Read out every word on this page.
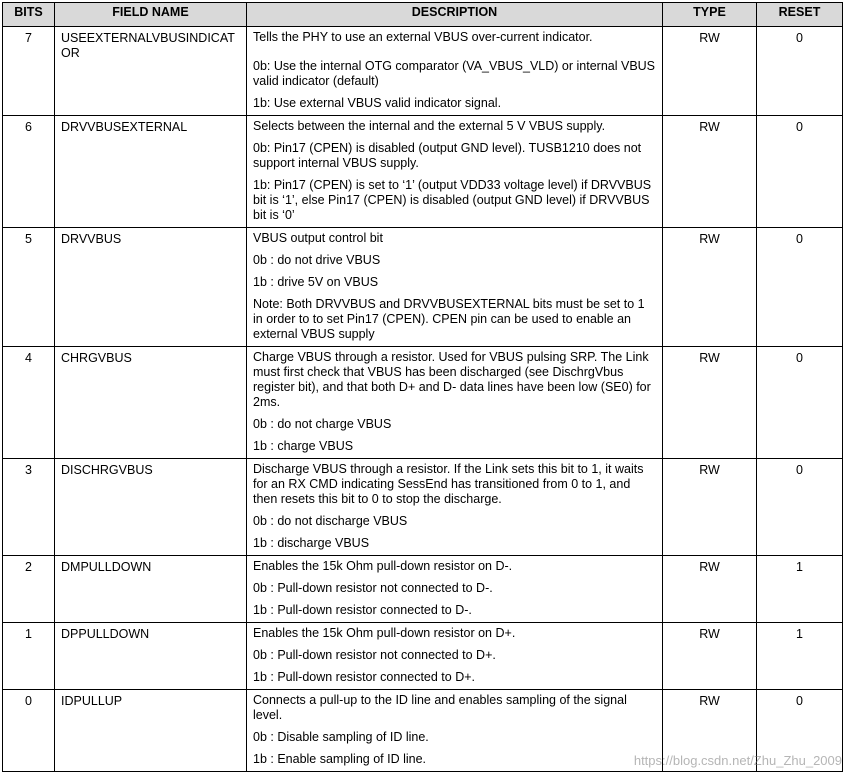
BITS	FIELD NAME	DESCRIPTION	TYPE	RESET
7	USEEXTERNALVBUSINDICATOR	Tells the PHY to use an external VBUS over-current indicator.

0b: Use the internal OTG comparator (VA_VBUS_VLD) or internal VBUS valid indicator (default)

1b: Use external VBUS valid indicator signal.	RW	0
6	DRVVBUSEXTERNAL	Selects between the internal and the external 5 V VBUS supply.

0b: Pin17 (CPEN) is disabled (output GND level). TUSB1210 does not support internal VBUS supply.

1b: Pin17 (CPEN) is set to ‘1’ (output VDD33 voltage level) if DRVVBUS bit is ‘1’, else Pin17 (CPEN) is disabled (output GND level) if DRVVBUS bit is ‘0’	RW	0
5	DRVVBUS	VBUS output control bit

0b : do not drive VBUS

1b : drive 5V on VBUS

Note: Both DRVVBUS and DRVVBUSEXTERNAL bits must be set to 1 in order to to set Pin17 (CPEN). CPEN pin can be used to enable an external VBUS supply	RW	0
4	CHRGVBUS	Charge VBUS through a resistor. Used for VBUS pulsing SRP. The Link must first check that VBUS has been discharged (see DischrgVbus register bit), and that both D+ and D- data lines have been low (SE0) for 2ms.

0b : do not charge VBUS

1b : charge VBUS	RW	0
3	DISCHRGVBUS	Discharge VBUS through a resistor. If the Link sets this bit to 1, it waits for an RX CMD indicating SessEnd has transitioned from 0 to 1, and then resets this bit to 0 to stop the discharge.

0b : do not discharge VBUS

1b : discharge VBUS	RW	0
2	DMPULLDOWN	Enables the 15k Ohm pull-down resistor on D-.

0b : Pull-down resistor not connected to D-.

1b : Pull-down resistor connected to D-.	RW	1
1	DPPULLDOWN	Enables the 15k Ohm pull-down resistor on D+.

0b : Pull-down resistor not connected to D+.

1b : Pull-down resistor connected to D+.	RW	1
0	IDPULLUP	Connects a pull-up to the ID line and enables sampling of the signal level.

0b : Disable sampling of ID line.

1b : Enable sampling of ID line.	RW	0
https://blog.csdn.net/Zhu_Zhu_2009
